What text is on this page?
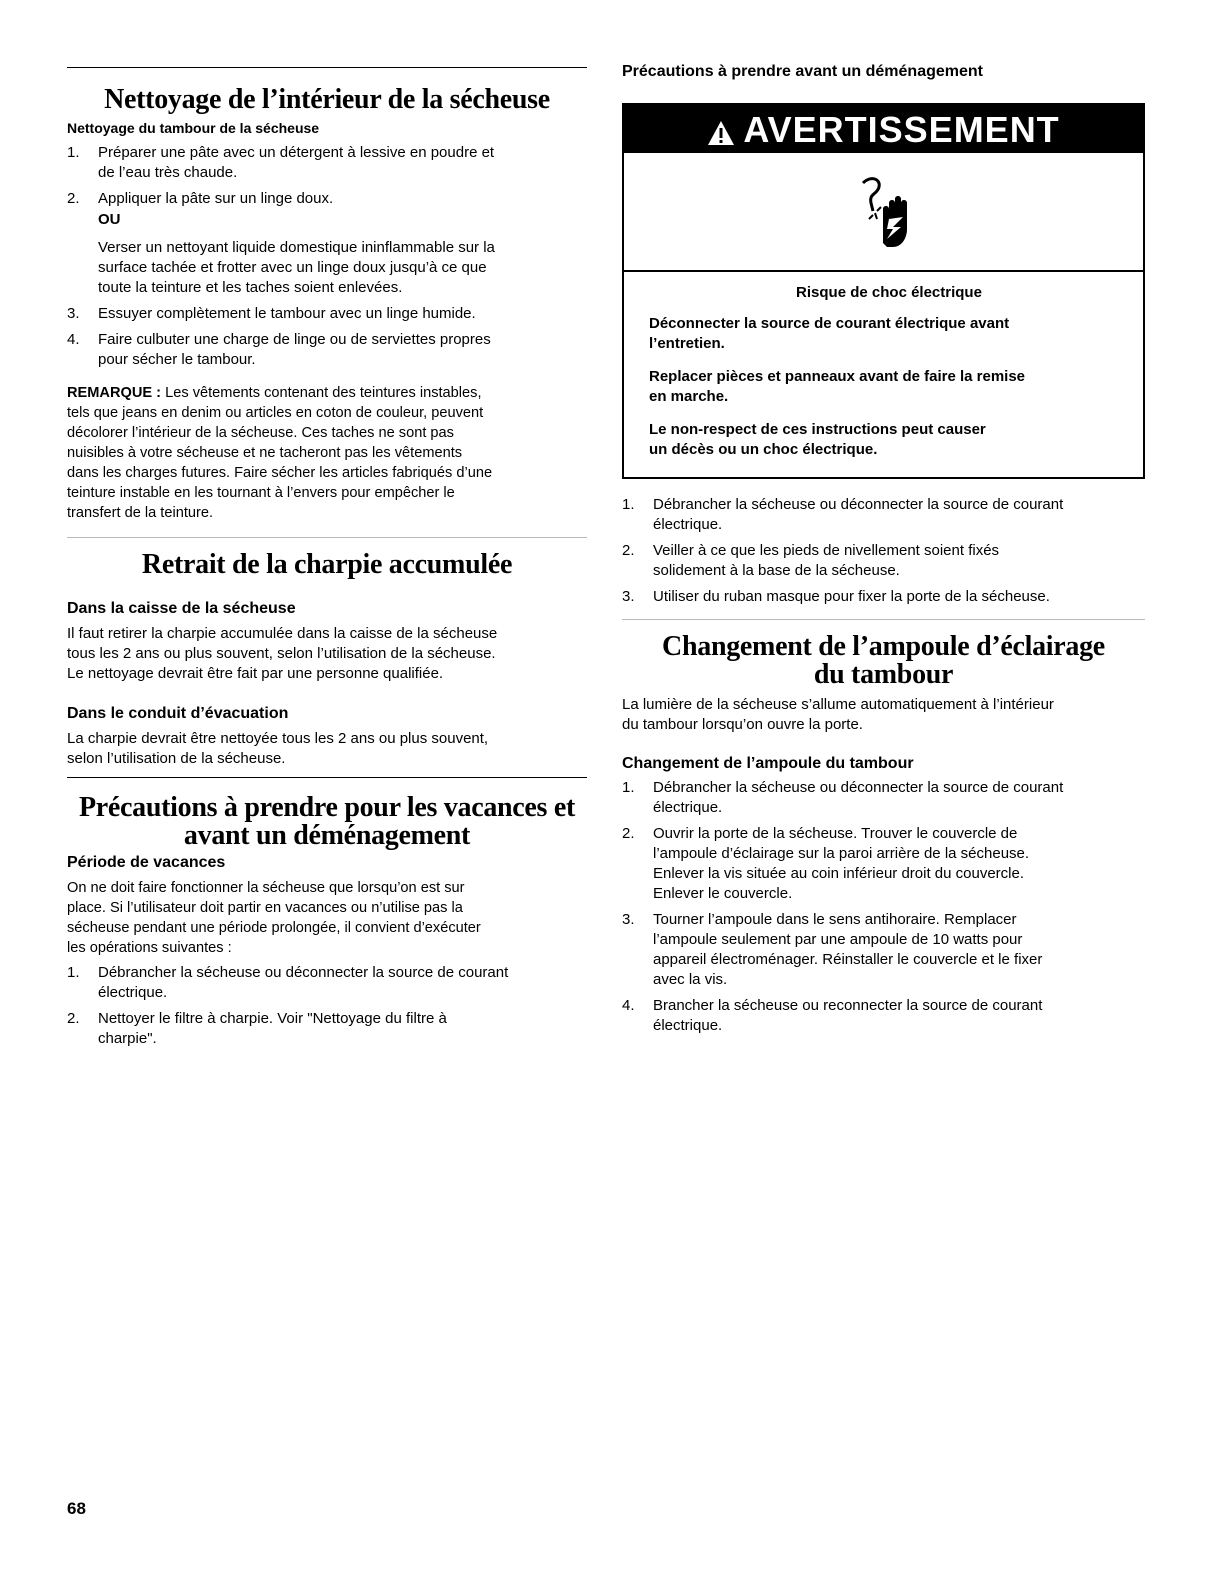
Nettoyage de l’intérieur de la sécheuse
Nettoyage du tambour de la sécheuse
1. Préparer une pâte avec un détergent à lessive en poudre et
de l’eau très chaude.
2. Appliquer la pâte sur un linge doux.
OU
Verser un nettoyant liquide domestique ininflammable sur la
surface tachée et frotter avec un linge doux jusqu’à ce que
toute la teinture et les taches soient enlevées.
3. Essuyer complètement le tambour avec un linge humide.
4. Faire culbuter une charge de linge ou de serviettes propres
pour sécher le tambour.
REMARQUE : Les vêtements contenant des teintures instables,
tels que jeans en denim ou articles en coton de couleur, peuvent
décolorer l’intérieur de la sécheuse. Ces taches ne sont pas
nuisibles à votre sécheuse et ne tacheront pas les vêtements
dans les charges futures. Faire sécher les articles fabriqués d’une
teinture instable en les tournant à l’envers pour empêcher le
transfert de la teinture.
Retrait de la charpie accumulée
Dans la caisse de la sécheuse
Il faut retirer la charpie accumulée dans la caisse de la sécheuse
tous les 2 ans ou plus souvent, selon l’utilisation de la sécheuse.
Le nettoyage devrait être fait par une personne qualifiée.
Dans le conduit d’évacuation
La charpie devrait être nettoyée tous les 2 ans ou plus souvent,
selon l’utilisation de la sécheuse.
Précautions à prendre pour les vacances et
avant un déménagement
Période de vacances
On ne doit faire fonctionner la sécheuse que lorsqu’on est sur
place. Si l’utilisateur doit partir en vacances ou n’utilise pas la
sécheuse pendant une période prolongée, il convient d’exécuter
les opérations suivantes :
1. Débrancher la sécheuse ou déconnecter la source de courant
électrique.
2. Nettoyer le filtre à charpie. Voir "Nettoyage du filtre à
charpie".
Précautions à prendre avant un déménagement
AVERTISSEMENT
Risque de choc électrique

Déconnecter la source de courant électrique avant
l’entretien.

Replacer pièces et panneaux avant de faire la remise
en marche.

Le non-respect de ces instructions peut causer
un décès ou un choc électrique.

1. Débrancher la sécheuse ou déconnecter la source de courant
électrique.
2. Veiller à ce que les pieds de nivellement soient fixés
solidement à la base de la sécheuse.
3. Utiliser du ruban masque pour fixer la porte de la sécheuse.
Changement de l’ampoule d’éclairage
du tambour
La lumière de la sécheuse s’allume automatiquement à l’intérieur
du tambour lorsqu’on ouvre la porte.
Changement de l’ampoule du tambour
1. Débrancher la sécheuse ou déconnecter la source de courant
électrique.
2. Ouvrir la porte de la sécheuse. Trouver le couvercle de
l’ampoule d’éclairage sur la paroi arrière de la sécheuse.
Enlever la vis située au coin inférieur droit du couvercle.
Enlever le couvercle.
3. Tourner l’ampoule dans le sens antihoraire. Remplacer
l’ampoule seulement par une ampoule de 10 watts pour
appareil électroménager. Réinstaller le couvercle et le fixer
avec la vis.
4. Brancher la sécheuse ou reconnecter la source de courant
électrique.
68
